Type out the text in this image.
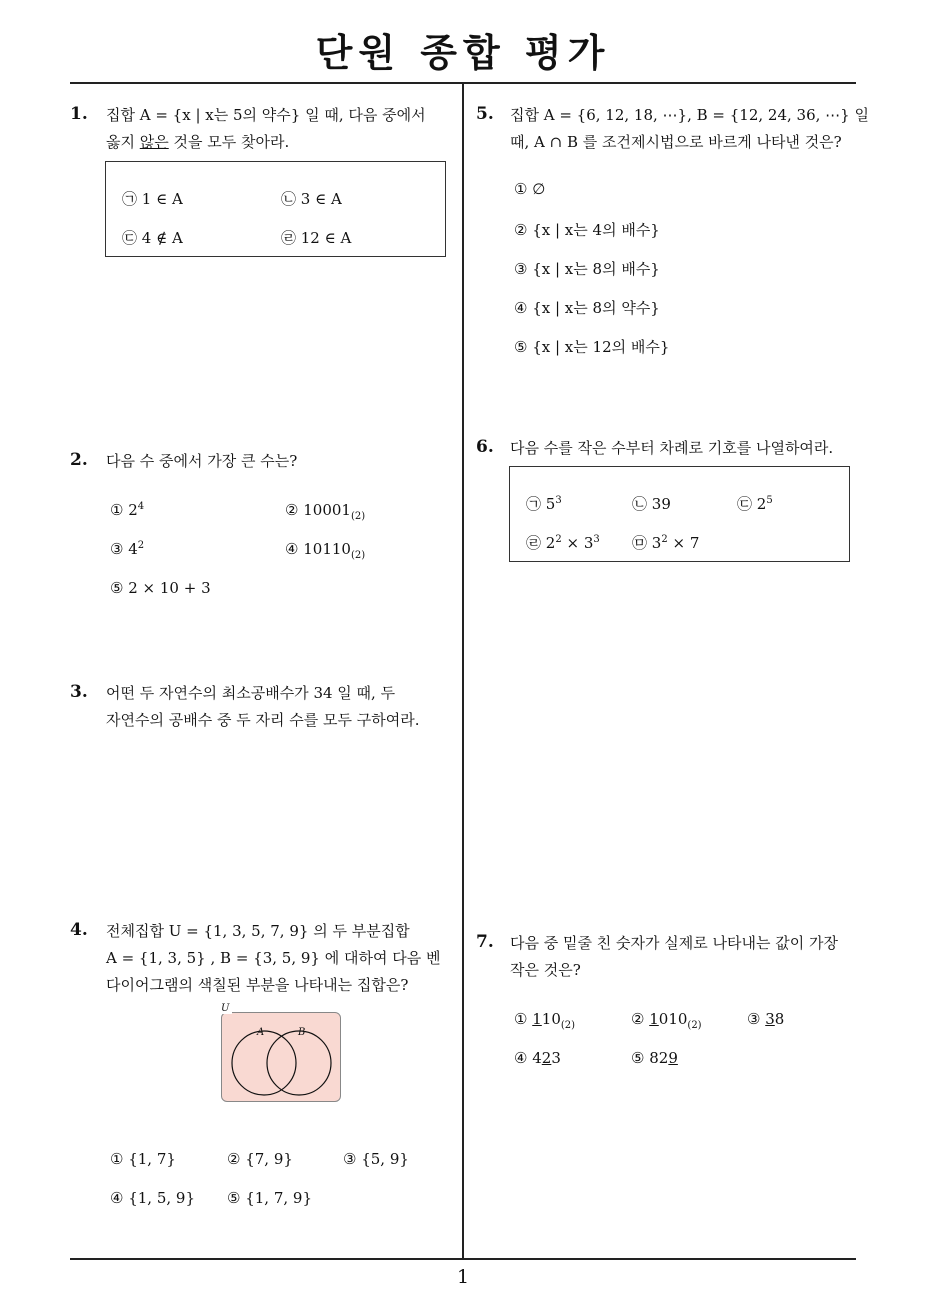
단원 종합 평가
1
1. 집합 A = {x | x는 5의 약수} 일 때, 다음 중에서
옳지 않은 것을 모두 찾아라.
㉠ 1 ∈ A	㉡ 3 ∈ A
㉢ 4 ∉ A	㉣ 12 ∈ A
2. 다음 수 중에서 가장 큰 수는?
① $2^4$	② $10001_{(2)}$
③ $4^2$	④ $10110_{(2)}$
⑤ 2 × 10 + 3
3. 어떤 두 자연수의 최소공배수가 34 일 때, 두
자연수의 공배수 중 두 자리 수를 모두 구하여라.
4. 전체집합 U = {1, 3, 5, 7, 9} 의 두 부분집합
A = {1, 3, 5} , B = {3, 5, 9} 에 대하여 다음 벤
다이어그램의 색칠된 부분을 나타내는 집합은?
U
A	B
① {1, 7}	② {7, 9}	③ {5, 9}
④ {1, 5, 9} ⑤ {1, 7, 9}
5. 집합 A = {6, 12, 18, ⋯}, B = {12, 24, 36, ⋯} 일
때, A ∩ B 를 조건제시법으로 바르게 나타낸 것은?
① ∅
② {x | x는 4의 배수}
③ {x | x는 8의 배수}
④ {x | x는 8의 약수}
⑤ {x | x는 12의 배수}
6. 다음 수를 작은 수부터 차례로 기호를 나열하여라.
㉠ $5^3$	㉡ 39	㉢ $2^5$
㉣ $2^2 \times 3^3$ ㉤ $3^2 \times 7$
7. 다음 중 밑줄 친 숫자가 실제로 나타내는 값이 가장
작은 것은?
① $110_{(2)}$	② $1010_{(2)}$	③ 38
④ 423	⑤ 829
